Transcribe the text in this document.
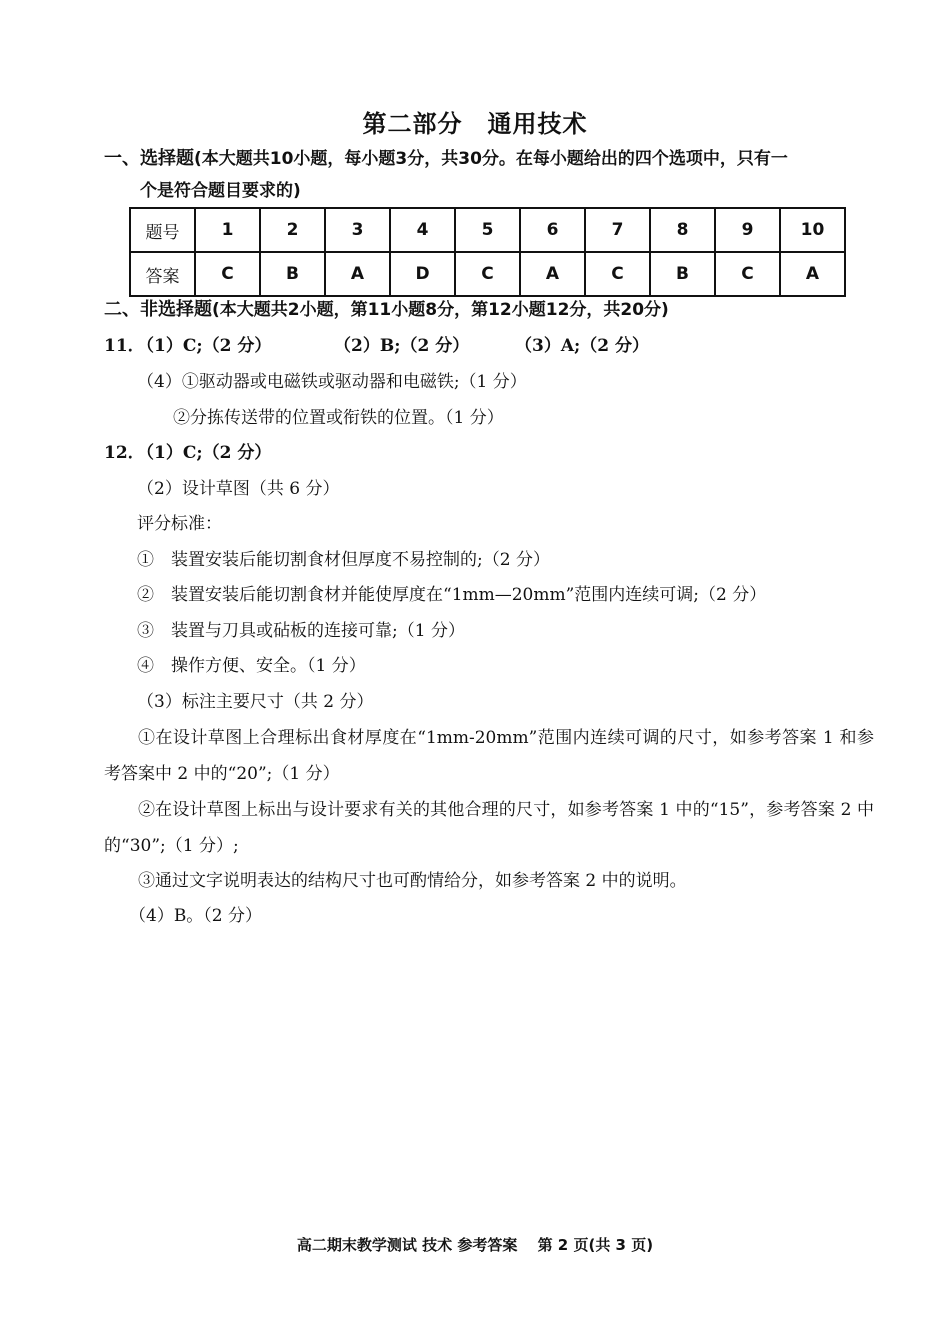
第二部分　通用技术
一、选择题(本大题共10小题，每小题3分，共30分。在每小题给出的四个选项中，只有一
个是符合题目要求的)
题号	1	2	3	4	5	6	7	8	9	10
答案	C	B	A	D	C	A	C	B	C	A
二、非选择题(本大题共2小题，第11小题8分，第12小题12分，共20分)
11．
（1）C;（2 分）	（2）B;（2 分）	（3）A;（2 分）
（4）①驱动器或电磁铁或驱动器和电磁铁;（1 分）
②分拣传送带的位置或衔铁的位置。（1 分）
12．
（1）C;（2 分）
（2）设计草图（共 6 分）
评分标准：
①　装置安装后能切割食材但厚度不易控制的;（2 分）
②　装置安装后能切割食材并能使厚度在“1mm—20mm”范围内连续可调;（2 分）
③　装置与刀具或砧板的连接可靠;（1 分）
④　操作方便、安全。（1 分）
（3）标注主要尺寸（共 2 分）
①在设计草图上合理标出食材厚度在“1mm-20mm”范围内连续可调的尺寸，如参考答案 1 和参考答案中 2 中的“20”;（1 分）
②在设计草图上标出与设计要求有关的其他合理的尺寸，如参考答案 1 中的“15”，参考答案 2 中的“30”;（1 分）;
③通过文字说明表达的结构尺寸也可酌情给分，如参考答案 2 中的说明。
（4）B。（2 分）
高二期末教学测试 技术 参考答案　 第 2 页(共 3 页)
